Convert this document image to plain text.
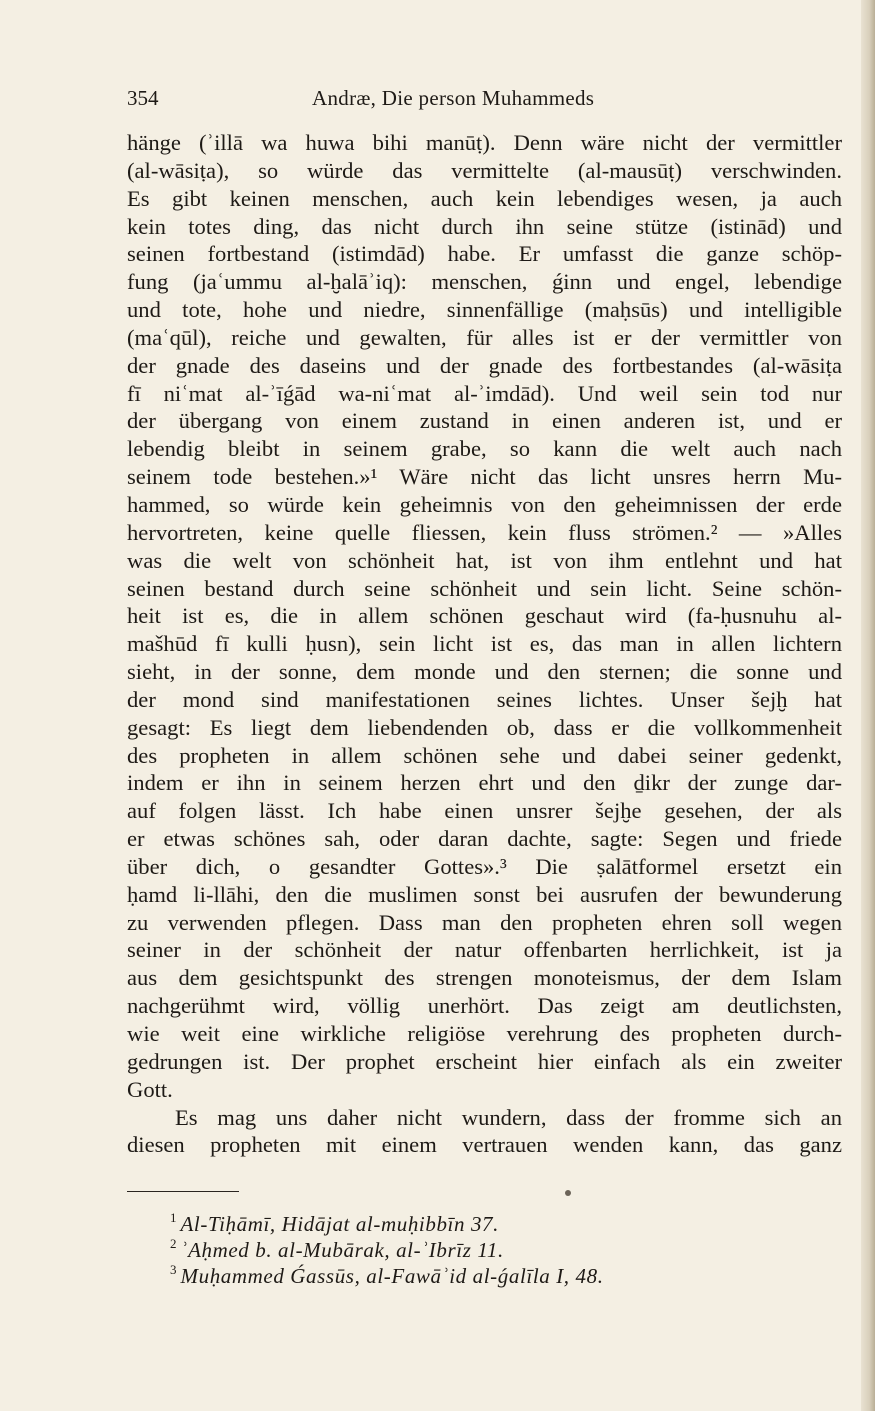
354	Andræ, Die person Muhammeds
hänge (ʾillā wa huwa bihi manūṭ). Denn wäre nicht der vermittler
(al-wāsiṭa), so würde das vermittelte (al-mausūṭ) verschwinden.
Es gibt keinen menschen, auch kein lebendiges wesen, ja auch
kein totes ding, das nicht durch ihn seine stütze (istinād) und
seinen fortbestand (istimdād) habe. Er umfasst die ganze schöp-
fung (jaʿummu al-ḫalāʾiq): menschen, ǵinn und engel, lebendige
und tote, hohe und niedre, sinnenfällige (maḥsūs) und intelligible
(maʿqūl), reiche und gewalten, für alles ist er der vermittler von
der gnade des daseins und der gnade des fortbestandes (al-wāsiṭa
fī niʿmat al-ʾīǵād wa-niʿmat al-ʾimdād). Und weil sein tod nur
der übergang von einem zustand in einen anderen ist, und er
lebendig bleibt in seinem grabe, so kann die welt auch nach
seinem tode bestehen.»¹ Wäre nicht das licht unsres herrn Mu-
hammed, so würde kein geheimnis von den geheimnissen der erde
hervortreten, keine quelle fliessen, kein fluss strömen.² — »Alles
was die welt von schönheit hat, ist von ihm entlehnt und hat
seinen bestand durch seine schönheit und sein licht. Seine schön-
heit ist es, die in allem schönen geschaut wird (fa-ḥusnuhu al-
mašhūd fī kulli ḥusn), sein licht ist es, das man in allen lichtern
sieht, in der sonne, dem monde und den sternen; die sonne und
der mond sind manifestationen seines lichtes. Unser šejḫ hat
gesagt: Es liegt dem liebendenden ob, dass er die vollkommenheit
des propheten in allem schönen sehe und dabei seiner gedenkt,
indem er ihn in seinem herzen ehrt und den ḏikr der zunge dar-
auf folgen lässt. Ich habe einen unsrer šejḫe gesehen, der als
er etwas schönes sah, oder daran dachte, sagte: Segen und friede
über dich, o gesandter Gottes».³ Die ṣalātformel ersetzt ein
ḥamd li-llāhi, den die muslimen sonst bei ausrufen der bewunderung
zu verwenden pflegen. Dass man den propheten ehren soll wegen
seiner in der schönheit der natur offenbarten herrlichkeit, ist ja
aus dem gesichtspunkt des strengen monoteismus, der dem Islam
nachgerühmt wird, völlig unerhört. Das zeigt am deutlichsten,
wie weit eine wirkliche religiöse verehrung des propheten durch-
gedrungen ist. Der prophet erscheint hier einfach als ein zweiter
Gott.
Es mag uns daher nicht wundern, dass der fromme sich an
diesen propheten mit einem vertrauen wenden kann, das ganz
$^1$ Al-Tiḥāmī, Hidājat al-muḥibbīn 37.
$^2$ ʾAḥmed b. al-Mubārak, al-ʾIbrīz 11.
$^3$ Muḥammed Ǵassūs, al-Fawāʾid al-ǵalīla I, 48.
